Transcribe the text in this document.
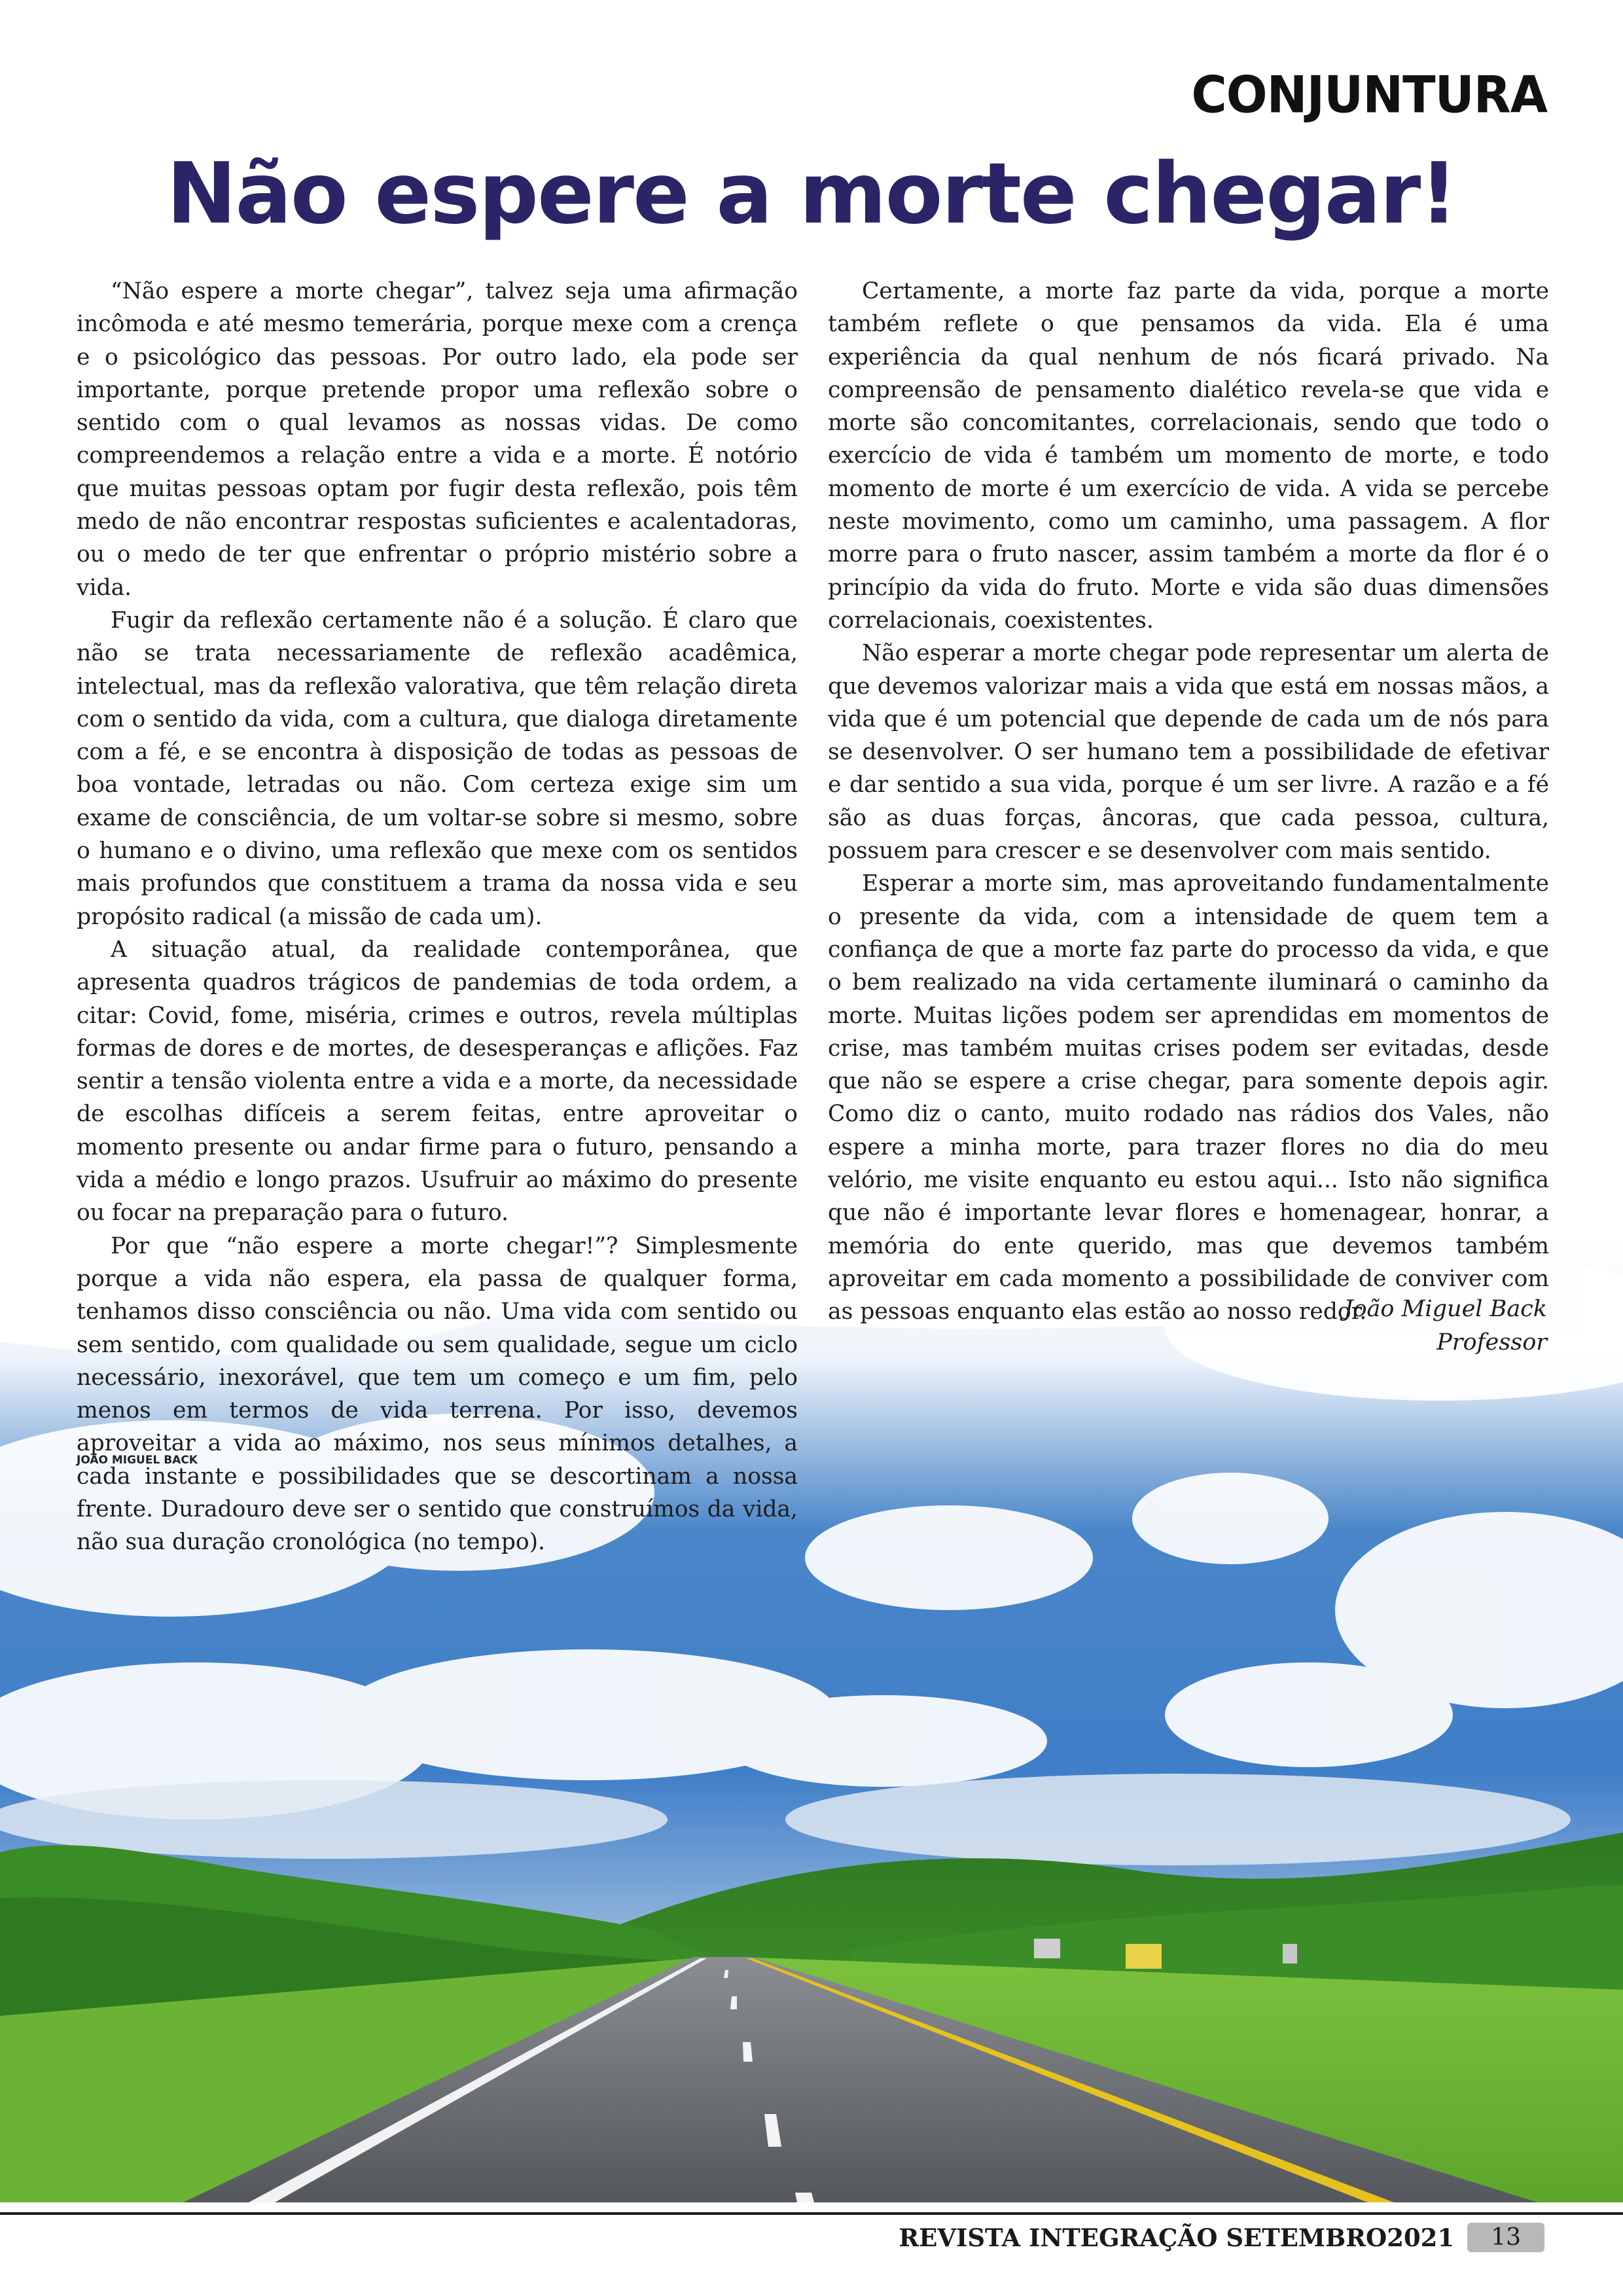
CONJUNTURA
Não espere a morte chegar!

“Não espere a morte chegar”, talvez seja uma afirmação incômoda e até mesmo temerária, porque mexe com a crença e o psicológico das pessoas. Por outro lado, ela pode ser importante, porque pretende propor uma reflexão sobre o sentido com o qual levamos as nossas vidas. De como compreendemos a relação entre a vida e a morte. É notório que muitas pessoas optam por fugir desta reflexão, pois têm medo de não encontrar respostas suficientes e acalentadoras, ou o medo de ter que enfrentar o próprio mistério sobre a vida.

Fugir da reflexão certamente não é a solução. É claro que não se trata necessariamente de reflexão acadêmica, intelectual, mas da reflexão valorativa, que têm relação direta com o sentido da vida, com a cultura, que dialoga diretamente com a fé, e se encontra à disposição de todas as pessoas de boa vontade, letradas ou não. Com certeza exige sim um exame de consciência, de um voltar-se sobre si mesmo, sobre o humano e o divino, uma reflexão que mexe com os sentidos mais profundos que constituem a trama da nossa vida e seu propósito radical (a missão de cada um).

A situação atual, da realidade contemporânea, que apresenta quadros trágicos de pandemias de toda ordem, a citar: Covid, fome, miséria, crimes e outros, revela múltiplas formas de dores e de mortes, de desesperanças e aflições. Faz sentir a tensão violenta entre a vida e a morte, da necessidade de escolhas difíceis a serem feitas, entre aproveitar o momento presente ou andar firme para o futuro, pensando a vida a médio e longo prazos. Usufruir ao máximo do presente ou focar na preparação para o futuro.

Por que “não espere a morte chegar!”? Simplesmente porque a vida não espera, ela passa de qualquer forma, tenhamos disso consciência ou não. Uma vida com sentido ou sem sentido, com qualidade ou sem qualidade, segue um ciclo necessário, inexorável, que tem um começo e um fim, pelo menos em termos de vida terrena. Por isso, devemos aproveitar a vida ao máximo, nos seus mínimos detalhes, a cada instante e possibilidades que se descortinam a nossa frente. Duradouro deve ser o sentido que construímos da vida, não sua duração cronológica (no tempo).

Certamente, a morte faz parte da vida, porque a morte também reflete o que pensamos da vida. Ela é uma experiência da qual nenhum de nós ficará privado. Na compreensão de pensamento dialético revela-se que vida e morte são concomitantes, correlacionais, sendo que todo o exercício de vida é também um momento de morte, e todo momento de morte é um exercício de vida. A vida se percebe neste movimento, como um caminho, uma passagem. A flor morre para o fruto nascer, assim também a morte da flor é o princípio da vida do fruto. Morte e vida são duas dimensões correlacionais, coexistentes.

Não esperar a morte chegar pode representar um alerta de que devemos valorizar mais a vida que está em nossas mãos, a vida que é um potencial que depende de cada um de nós para se desenvolver. O ser humano tem a possibilidade de efetivar e dar sentido a sua vida, porque é um ser livre. A razão e a fé são as duas forças, âncoras, que cada pessoa, cultura, possuem para crescer e se desenvolver com mais sentido.

Esperar a morte sim, mas aproveitando fundamentalmente o presente da vida, com a intensidade de quem tem a confiança de que a morte faz parte do processo da vida, e que o bem realizado na vida certamente iluminará o caminho da morte. Muitas lições podem ser aprendidas em momentos de crise, mas também muitas crises podem ser evitadas, desde que não se espere a crise chegar, para somente depois agir. Como diz o canto, muito rodado nas rádios dos Vales, não espere a minha morte, para trazer flores no dia do meu velório, me visite enquanto eu estou aqui... Isto não significa que não é importante levar flores e homenagear, honrar, a memória do ente querido, mas que devemos também aproveitar em cada momento a possibilidade de conviver com as pessoas enquanto elas estão ao nosso redor.

João Miguel Back
Professor
JOÃO MIGUEL BACK
REVISTA INTEGRAÇÃO SETEMBRO2021	13
